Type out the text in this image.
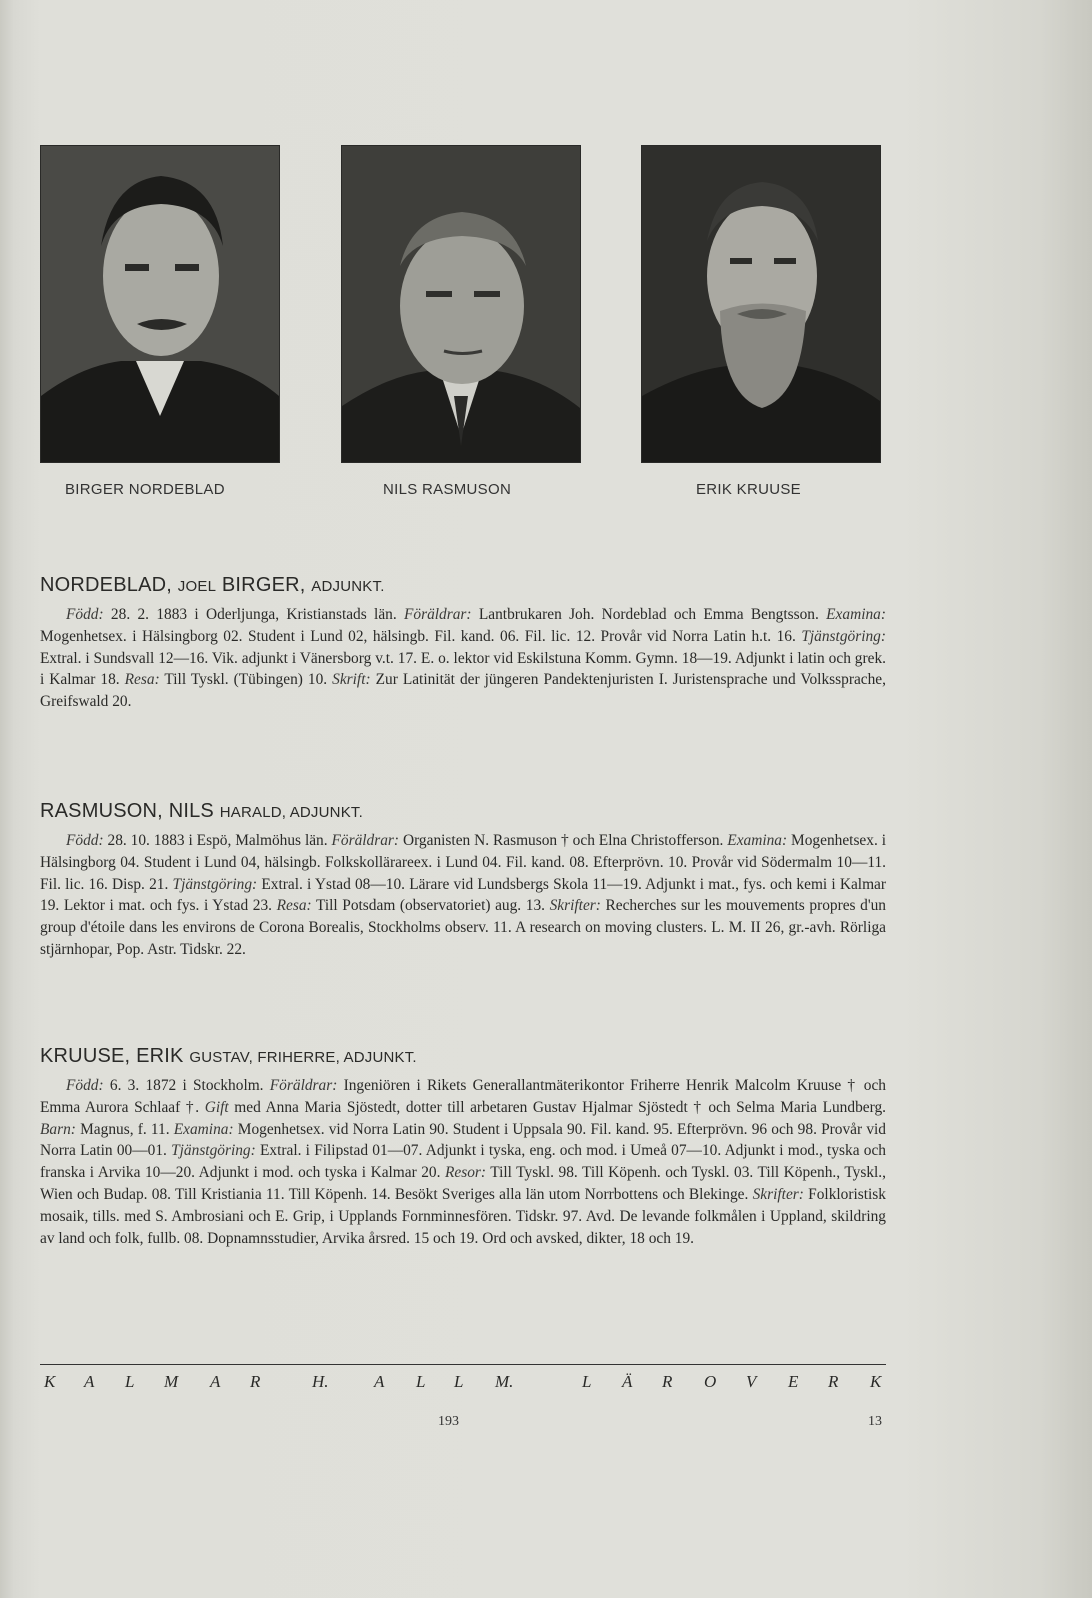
BIRGER NORDEBLAD	NILS RASMUSON	ERIK KRUUSE
NORDEBLAD, JOEL BIRGER, ADJUNKT.

Född: 28. 2. 1883 i Oderljunga, Kristianstads län. Föräldrar: Lantbrukaren Joh. Nordeblad och Emma Bengtsson. Examina: Mogenhetsex. i Hälsingborg 02. Student i Lund 02, hälsingb. Fil. kand. 06. Fil. lic. 12. Provår vid Norra Latin h.t. 16. Tjänstgöring: Extral. i Sundsvall 12—16. Vik. adjunkt i Vänersborg v.t. 17. E. o. lektor vid Eskilstuna Komm. Gymn. 18—19. Adjunkt i latin och grek. i Kalmar 18. Resa: Till Tyskl. (Tübingen) 10. Skrift: Zur Latinität der jüngeren Pandektenjuristen I. Juristensprache und Volkssprache, Greifswald 20.

RASMUSON, NILS HARALD, ADJUNKT.

Född: 28. 10. 1883 i Espö, Malmöhus län. Föräldrar: Organisten N. Rasmuson † och Elna Christofferson. Examina: Mogenhetsex. i Hälsingborg 04. Student i Lund 04, hälsingb. Folkskollärareex. i Lund 04. Fil. kand. 08. Efterprövn. 10. Provår vid Södermalm 10—11. Fil. lic. 16. Disp. 21. Tjänstgöring: Extral. i Ystad 08—10. Lärare vid Lundsbergs Skola 11—19. Adjunkt i mat., fys. och kemi i Kalmar 19. Lektor i mat. och fys. i Ystad 23. Resa: Till Potsdam (observatoriet) aug. 13. Skrifter: Recherches sur les mouvements propres d'un group d'étoile dans les environs de Corona Borealis, Stockholms observ. 11. A research on moving clusters. L. M. II 26, gr.-avh. Rörliga stjärnhopar, Pop. Astr. Tidskr. 22.

KRUUSE, ERIK GUSTAV, FRIHERRE, ADJUNKT.

Född: 6. 3. 1872 i Stockholm. Föräldrar: Ingeniören i Rikets Generallantmäterikontor Friherre Henrik Malcolm Kruuse † och Emma Aurora Schlaaf †. Gift med Anna Maria Sjöstedt, dotter till arbetaren Gustav Hjalmar Sjöstedt † och Selma Maria Lundberg. Barn: Magnus, f. 11. Examina: Mogenhetsex. vid Norra Latin 90. Student i Uppsala 90. Fil. kand. 95. Efterprövn. 96 och 98. Provår vid Norra Latin 00—01. Tjänstgöring: Extral. i Filipstad 01—07. Adjunkt i tyska, eng. och mod. i Umeå 07—10. Adjunkt i mod., tyska och franska i Arvika 10—20. Adjunkt i mod. och tyska i Kalmar 20. Resor: Till Tyskl. 98. Till Köpenh. och Tyskl. 03. Till Köpenh., Tyskl., Wien och Budap. 08. Till Kristiania 11. Till Köpenh. 14. Besökt Sveriges alla län utom Norrbottens och Blekinge. Skrifter: Folkloristisk mosaik, tills. med S. Ambrosiani och E. Grip, i Upplands Fornminnesfören. Tidskr. 97. Avd. De levande folkmålen i Uppland, skildring av land och folk, fullb. 08. Dopnamnsstudier, Arvika årsred. 15 och 19. Ord och avsked, dikter, 18 och 19.

K A L M A R	H.	A L L M.	L Ä R O V E R K
193	13
